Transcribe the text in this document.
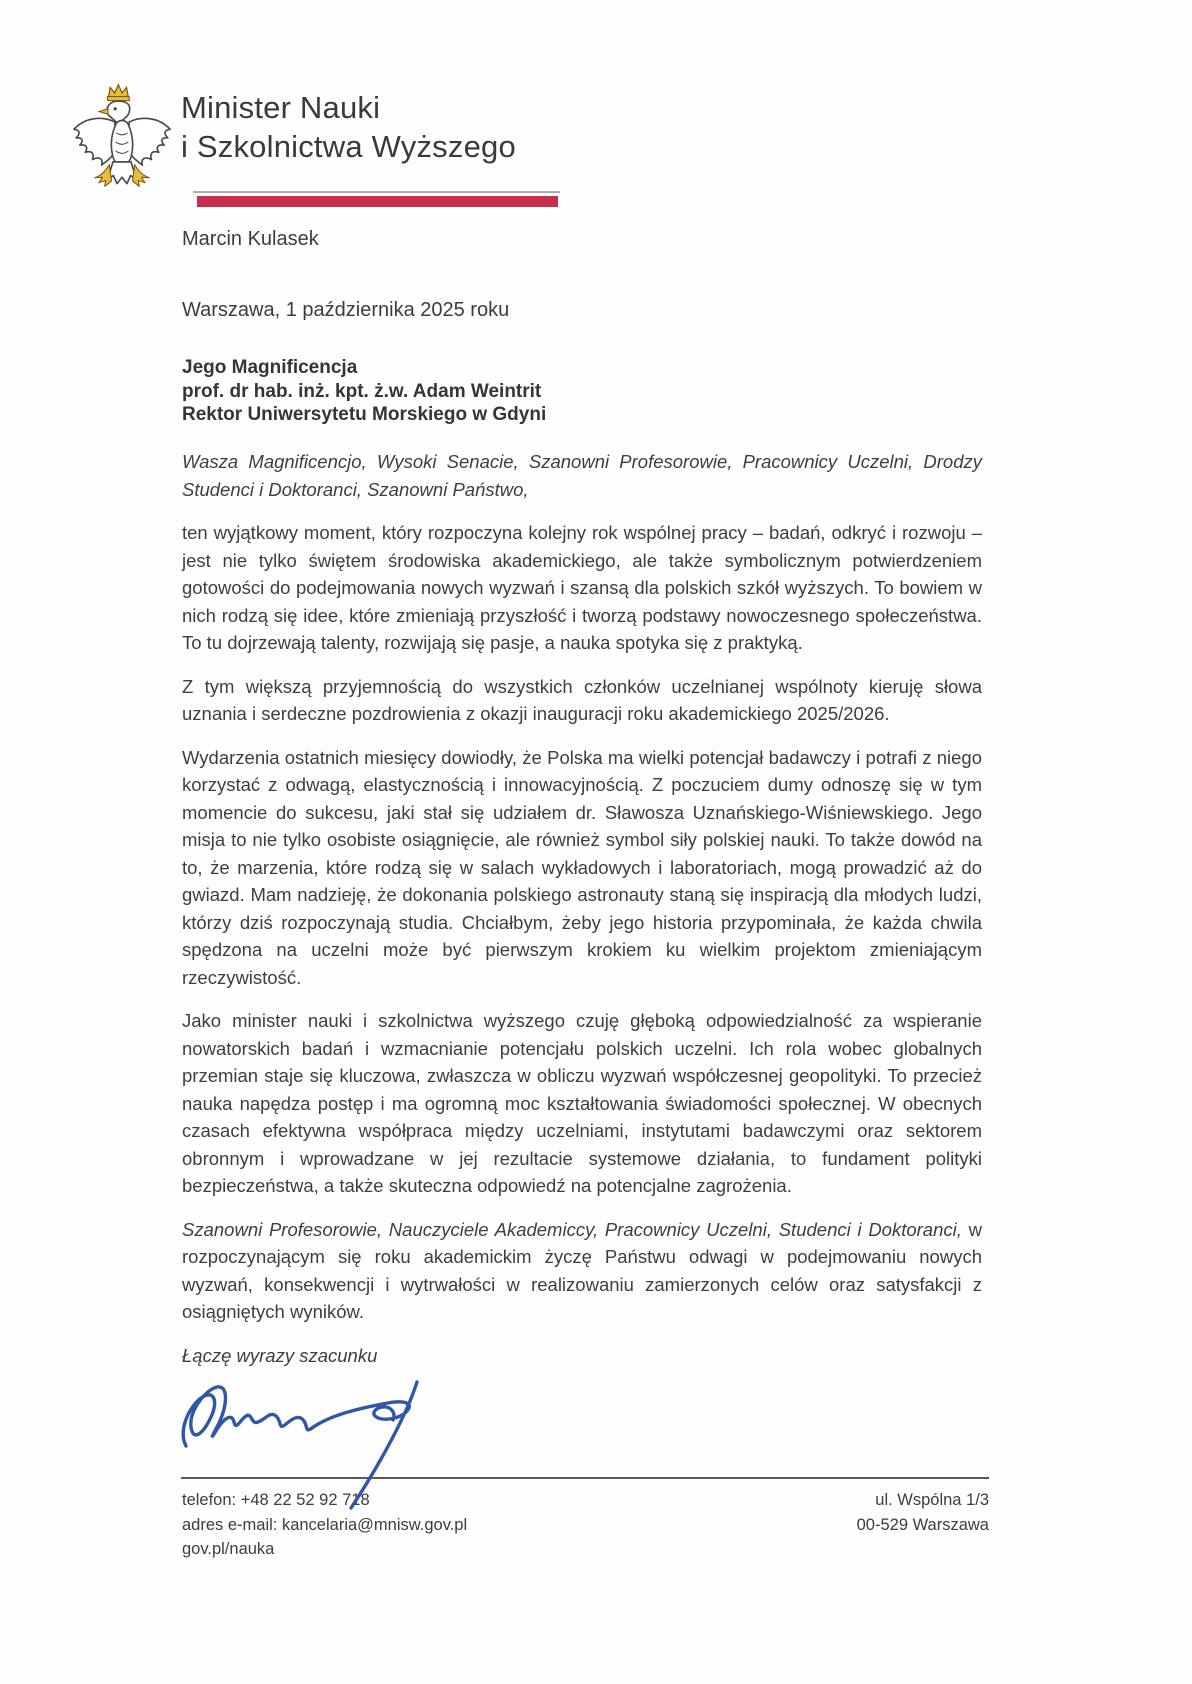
Minister Nauki
i Szkolnictwa Wyższego
Marcin Kulasek
Warszawa, 1 października 2025 roku
Jego Magnificencja
prof. dr hab. inż. kpt. ż.w. Adam Weintrit
Rektor Uniwersytetu Morskiego w Gdyni

Wasza Magnificencjo, Wysoki Senacie, Szanowni Profesorowie, Pracownicy Uczelni, Drodzy Studenci i Doktoranci, Szanowni Państwo,

ten wyjątkowy moment, który rozpoczyna kolejny rok wspólnej pracy – badań, odkryć i rozwoju – jest nie tylko świętem środowiska akademickiego, ale także symbolicznym potwierdzeniem gotowości do podejmowania nowych wyzwań i szansą dla polskich szkół wyższych. To bowiem w nich rodzą się idee, które zmieniają przyszłość i tworzą podstawy nowoczesnego społeczeństwa. To tu dojrzewają talenty, rozwijają się pasje, a nauka spotyka się z praktyką.

Z tym większą przyjemnością do wszystkich członków uczelnianej wspólnoty kieruję słowa uznania i serdeczne pozdrowienia z okazji inauguracji roku akademickiego 2025/2026.

Wydarzenia ostatnich miesięcy dowiodły, że Polska ma wielki potencjał badawczy i potrafi z niego korzystać z odwagą, elastycznością i innowacyjnością. Z poczuciem dumy odnoszę się w tym momencie do sukcesu, jaki stał się udziałem dr. Sławosza Uznańskiego-Wiśniewskiego. Jego misja to nie tylko osobiste osiągnięcie, ale również symbol siły polskiej nauki. To także dowód na to, że marzenia, które rodzą się w salach wykładowych i laboratoriach, mogą prowadzić aż do gwiazd. Mam nadzieję, że dokonania polskiego astronauty staną się inspiracją dla młodych ludzi, którzy dziś rozpoczynają studia. Chciałbym, żeby jego historia przypominała, że każda chwila spędzona na uczelni może być pierwszym krokiem ku wielkim projektom zmieniającym rzeczywistość.

Jako minister nauki i szkolnictwa wyższego czuję głęboką odpowiedzialność za wspieranie nowatorskich badań i wzmacnianie potencjału polskich uczelni. Ich rola wobec globalnych przemian staje się kluczowa, zwłaszcza w obliczu wyzwań współczesnej geopolityki. To przecież nauka napędza postęp i ma ogromną moc kształtowania świadomości społecznej. W obecnych czasach efektywna współpraca między uczelniami, instytutami badawczymi oraz sektorem obronnym i wprowadzane w jej rezultacie systemowe działania, to fundament polityki bezpieczeństwa, a także skuteczna odpowiedź na potencjalne zagrożenia.

Szanowni Profesorowie, Nauczyciele Akademiccy, Pracownicy Uczelni, Studenci i Doktoranci, w rozpoczynającym się roku akademickim życzę Państwu odwagi w podejmowaniu nowych wyzwań, konsekwencji i wytrwałości w realizowaniu zamierzonych celów oraz satysfakcji z osiągniętych wyników.

Łączę wyrazy szacunku

telefon: +48 22 52 92 718
adres e-mail: kancelaria@mnisw.gov.pl
gov.pl/nauka
ul. Wspólna 1/3
00-529 Warszawa
